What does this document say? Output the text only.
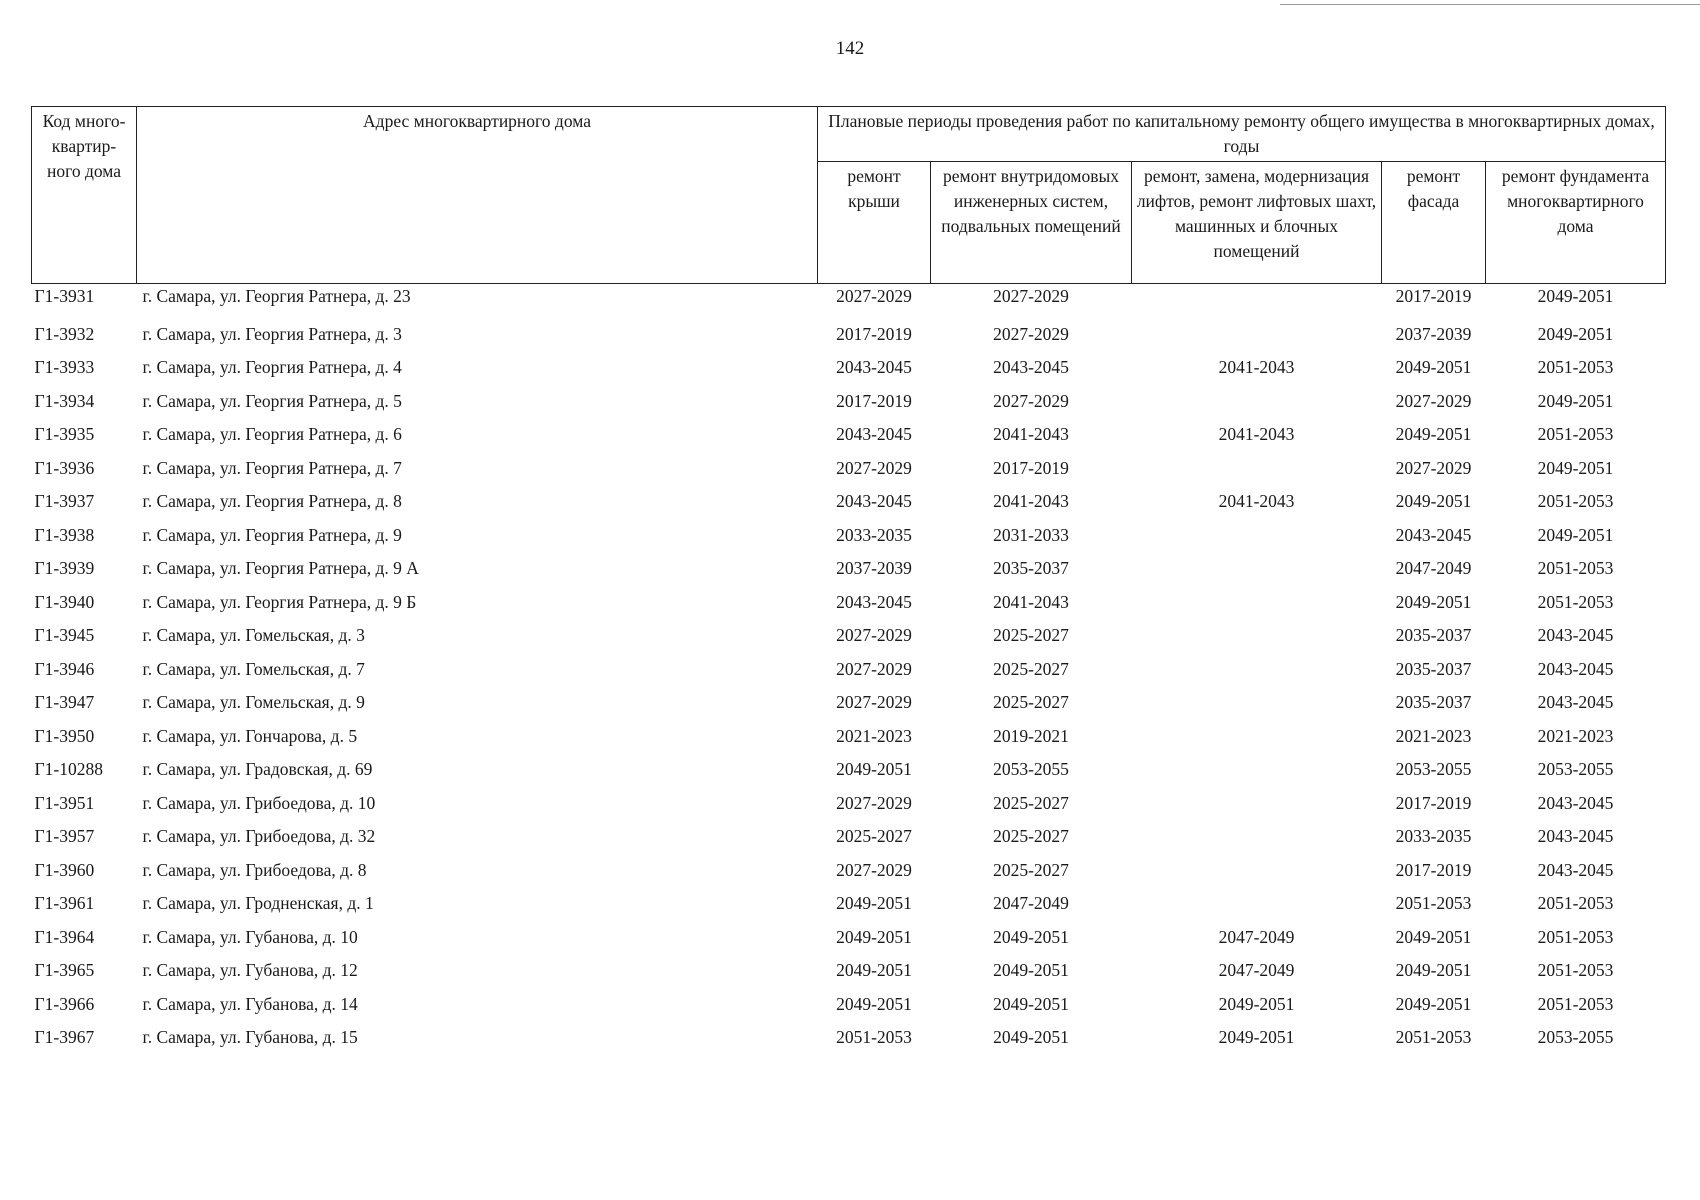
142
Код много-квартир-ного дома	Адрес многоквартирного дома	Плановые периоды проведения работ по капитальному ремонту общего имущества в многоквартирных домах, годы				
		ремонт крыши	ремонт внутридомовых инженерных систем, подвальных помещений	ремонт, замена, модернизация лифтов, ремонт лифтовых шахт, машинных и блочных помещений	ремонт фасада	ремонт фундамента многоквартирного дома
Г1-3931	г. Самара, ул. Георгия Ратнера, д. 23	2027-2029	2027-2029		2017-2019	2049-2051
Г1-3932	г. Самара, ул. Георгия Ратнера, д. 3	2017-2019	2027-2029		2037-2039	2049-2051
Г1-3933	г. Самара, ул. Георгия Ратнера, д. 4	2043-2045	2043-2045	2041-2043	2049-2051	2051-2053
Г1-3934	г. Самара, ул. Георгия Ратнера, д. 5	2017-2019	2027-2029		2027-2029	2049-2051
Г1-3935	г. Самара, ул. Георгия Ратнера, д. 6	2043-2045	2041-2043	2041-2043	2049-2051	2051-2053
Г1-3936	г. Самара, ул. Георгия Ратнера, д. 7	2027-2029	2017-2019		2027-2029	2049-2051
Г1-3937	г. Самара, ул. Георгия Ратнера, д. 8	2043-2045	2041-2043	2041-2043	2049-2051	2051-2053
Г1-3938	г. Самара, ул. Георгия Ратнера, д. 9	2033-2035	2031-2033		2043-2045	2049-2051
Г1-3939	г. Самара, ул. Георгия Ратнера, д. 9 А	2037-2039	2035-2037		2047-2049	2051-2053
Г1-3940	г. Самара, ул. Георгия Ратнера, д. 9 Б	2043-2045	2041-2043		2049-2051	2051-2053
Г1-3945	г. Самара, ул. Гомельская, д. 3	2027-2029	2025-2027		2035-2037	2043-2045
Г1-3946	г. Самара, ул. Гомельская, д. 7	2027-2029	2025-2027		2035-2037	2043-2045
Г1-3947	г. Самара, ул. Гомельская, д. 9	2027-2029	2025-2027		2035-2037	2043-2045
Г1-3950	г. Самара, ул. Гончарова, д. 5	2021-2023	2019-2021		2021-2023	2021-2023
Г1-10288	г. Самара, ул. Градовская, д. 69	2049-2051	2053-2055		2053-2055	2053-2055
Г1-3951	г. Самара, ул. Грибоедова, д. 10	2027-2029	2025-2027		2017-2019	2043-2045
Г1-3957	г. Самара, ул. Грибоедова, д. 32	2025-2027	2025-2027		2033-2035	2043-2045
Г1-3960	г. Самара, ул. Грибоедова, д. 8	2027-2029	2025-2027		2017-2019	2043-2045
Г1-3961	г. Самара, ул. Гродненская, д. 1	2049-2051	2047-2049		2051-2053	2051-2053
Г1-3964	г. Самара, ул. Губанова, д. 10	2049-2051	2049-2051	2047-2049	2049-2051	2051-2053
Г1-3965	г. Самара, ул. Губанова, д. 12	2049-2051	2049-2051	2047-2049	2049-2051	2051-2053
Г1-3966	г. Самара, ул. Губанова, д. 14	2049-2051	2049-2051	2049-2051	2049-2051	2051-2053
Г1-3967	г. Самара, ул. Губанова, д. 15	2051-2053	2049-2051	2049-2051	2051-2053	2053-2055
